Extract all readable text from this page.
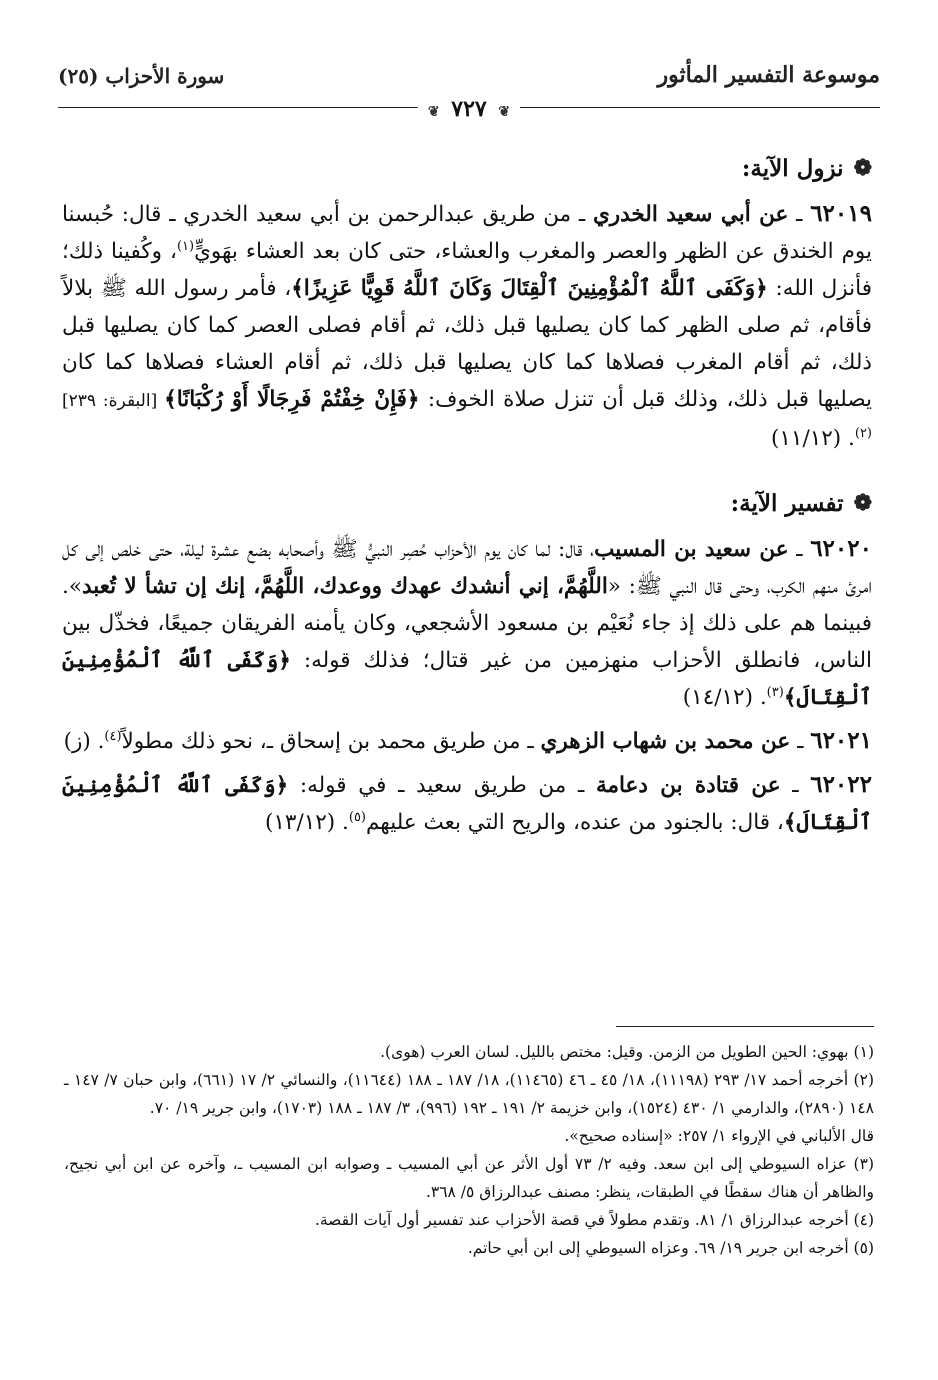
موسوعة التفسير المأثور
سورة الأحزاب (٢٥)
❦ ٧٢٧ ❦
❁
نزول الآية:

٦٢٠١٩ ـ عن أبي سعيد الخدري ـ من طريق عبدالرحمن بن أبي سعيد الخدري ـ قال: حُبسنا يوم الخندق عن الظهر والعصر والمغرب والعشاء، حتى كان بعد العشاء بهَويٍّ$^{(١)}$، وكُفينا ذلك؛ فأنزل الله: ﴿وَكَفَى ٱللَّهُ ٱلْمُؤْمِنِينَ ٱلْقِتَالَ وَكَانَ ٱللَّهُ قَوِيًّا عَزِيزًا﴾، فأمر رسول الله ﷺ بلالاً فأقام، ثم صلى الظهر كما كان يصليها قبل ذلك، ثم أقام فصلى العصر كما كان يصليها قبل ذلك، ثم أقام المغرب فصلاها كما كان يصليها قبل ذلك، ثم أقام العشاء فصلاها كما كان يصليها قبل ذلك، وذلك قبل أن تنزل صلاة الخوف: ﴿فَإِنْ خِفْتُمْ فَرِجَالًا أَوْ رُكْبَانًا﴾ [البقرة: ٢٣٩]$^{(٢)}$. (١١/١٢)

❁
تفسير الآية:

٦٢٠٢٠ ـ عن سعيد بن المسيب، قال: لما كان يوم الأحزاب حُصِر النبيُّ ﷺ وأصحابه بضع عشرة ليلة، حتى خلص إلى كل امرئ منهم الكرب، وحتى قال النبي ﷺ: «اللَّهُمَّ، إني أنشدك عهدك ووعدك، اللَّهُمَّ، إنك إن تشأ لا تُعبد». فبينما هم على ذلك إذ جاء نُعَيْم بن مسعود الأشجعي، وكان يأمنه الفريقان جميعًا، فخذّل بين الناس، فانطلق الأحزاب منهزمين من غير قتال؛ فذلك قوله: ﴿وَكَفَى ٱللَّهُ ٱلْمُؤْمِنِينَ ٱلْقِتَالَ﴾$^{(٣)}$. (١٤/١٢)

٦٢٠٢١ ـ عن محمد بن شهاب الزهري ـ من طريق محمد بن إسحاق ـ، نحو ذلك مطولاً$^{(٤)}$. (ز)

٦٢٠٢٢ ـ عن قتادة بن دعامة ـ من طريق سعيد ـ في قوله: ﴿وَكَفَى ٱللَّهُ ٱلْمُؤْمِنِينَ ٱلْقِتَالَ﴾، قال: بالجنود من عنده، والريح التي بعث عليهم$^{(٥)}$. (١٣/١٢)

(١) بهوي: الحين الطويل من الزمن. وقيل: مختص بالليل. لسان العرب (هوى).

(٢) أخرجه أحمد ١٧/ ٢٩٣ (١١١٩٨)، ١٨/ ٤٥ ـ ٤٦ (١١٤٦٥)، ١٨/ ١٨٧ ـ ١٨٨ (١١٦٤٤)، والنسائي ٢/ ١٧ (٦٦١)، وابن حبان ٧/ ١٤٧ ـ ١٤٨ (٢٨٩٠)، والدارمي ١/ ٤٣٠ (١٥٢٤)، وابن خزيمة ٢/ ١٩١ ـ ١٩٢ (٩٩٦)، ٣/ ١٨٧ ـ ١٨٨ (١٧٠٣)، وابن جرير ١٩/ ٧٠.

قال الألباني في الإرواء ١/ ٢٥٧: «إسناده صحيح».

(٣) عزاه السيوطي إلى ابن سعد. وفيه ٢/ ٧٣ أول الأثر عن أبي المسيب ـ وصوابه ابن المسيب ـ، وآخره عن ابن أبي نجيح، والظاهر أن هناك سقطًا في الطبقات، ينظر: مصنف عبدالرزاق ٥/ ٣٦٨.

(٤) أخرجه عبدالرزاق ١/ ٨١. وتقدم مطولاً في قصة الأحزاب عند تفسير أول آيات القصة.

(٥) أخرجه ابن جرير ١٩/ ٦٩. وعزاه السيوطي إلى ابن أبي حاتم.
